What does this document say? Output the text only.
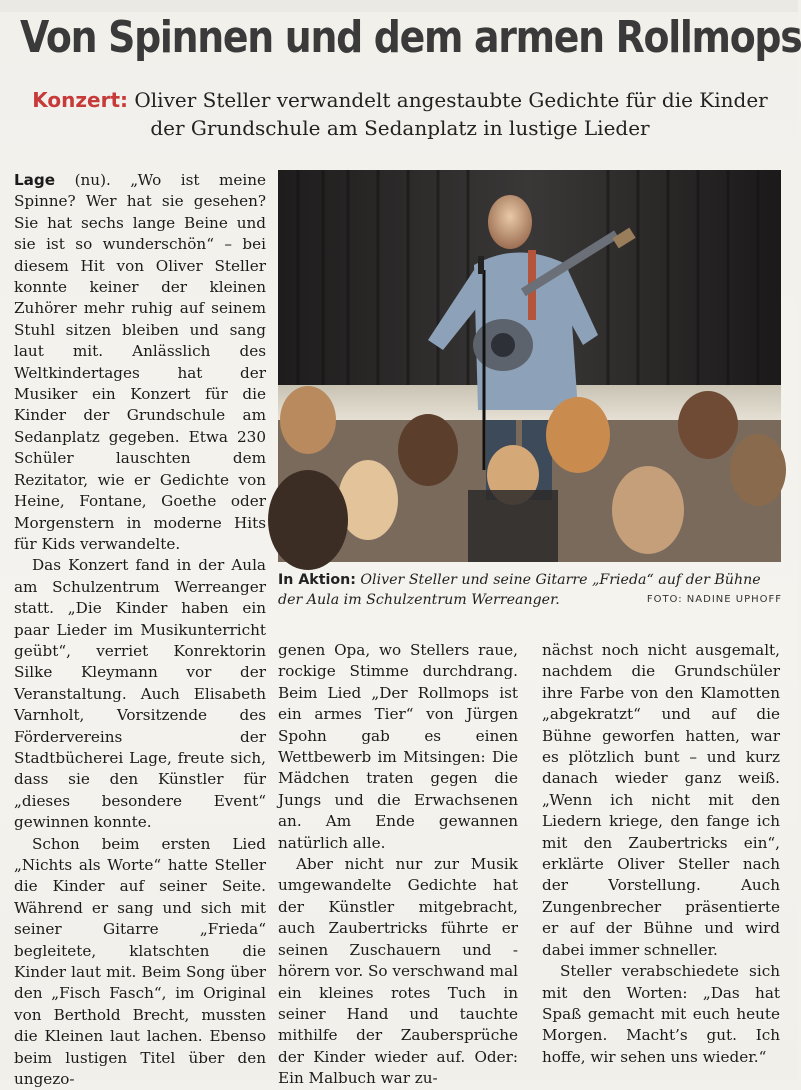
Von Spinnen und dem armen Rollmops
Konzert: Oliver Steller verwandelt angestaubte Gedichte für die Kinder
der Grundschule am Sedanplatz in lustige Lieder

Lage (nu). „Wo ist meine Spinne? Wer hat sie gesehen? Sie hat sechs lange Beine und sie ist so wunderschön“ – bei diesem Hit von Oliver Steller konnte keiner der kleinen Zuhörer mehr ruhig auf seinem Stuhl sitzen bleiben und sang laut mit. Anlässlich des Weltkindertages hat der Musiker ein Konzert für die Kinder der Grundschule am Sedanplatz gegeben. Etwa 230 Schüler lauschten dem Rezitator, wie er Gedichte von Heine, Fontane, Goethe oder Morgenstern in moderne Hits für Kids verwandelte.

Das Konzert fand in der Aula am Schulzentrum Werreanger statt. „Die Kinder haben ein paar Lieder im Musikunterricht geübt“, verriet Konrektorin Silke Kleymann vor der Veranstaltung. Auch Elisabeth Varnholt, Vorsitzende des Fördervereins der Stadtbücherei Lage, freute sich, dass sie den Künstler für „dieses besondere Event“ gewinnen konnte.

Schon beim ersten Lied „Nichts als Worte“ hatte Steller die Kinder auf seiner Seite. Während er sang und sich mit seiner Gitarre „Frieda“ begleitete, klatschten die Kinder laut mit. Beim Song über den „Fisch Fasch“, im Original von Berthold Brecht, mussten die Kleinen laut lachen. Ebenso beim lustigen Titel über den ungezo-

In Aktion: Oliver Steller und seine Gitarre „Frieda“ auf der Bühne der Aula im Schulzentrum Werreanger.	FOTO: NADINE UPHOFF

genen Opa, wo Stellers raue, rockige Stimme durchdrang. Beim Lied „Der Rollmops ist ein armes Tier“ von Jürgen Spohn gab es einen Wettbewerb im Mitsingen: Die Mädchen traten gegen die Jungs und die Erwachsenen an. Am Ende gewannen natürlich alle.

Aber nicht nur zur Musik umgewandelte Gedichte hat der Künstler mitgebracht, auch Zaubertricks führte er seinen Zuschauern und -hörern vor. So verschwand mal ein kleines rotes Tuch in seiner Hand und tauchte mithilfe der Zaubersprüche der Kinder wieder auf. Oder: Ein Malbuch war zu-

nächst noch nicht ausgemalt, nachdem die Grundschüler ihre Farbe von den Klamotten „abgekratzt“ und auf die Bühne geworfen hatten, war es plötzlich bunt – und kurz danach wieder ganz weiß. „Wenn ich nicht mit den Liedern kriege, den fange ich mit den Zaubertricks ein“, erklärte Oliver Steller nach der Vorstellung. Auch Zungenbrecher präsentierte er auf der Bühne und wird dabei immer schneller.

Steller verabschiedete sich mit den Worten: „Das hat Spaß gemacht mit euch heute Morgen. Macht’s gut. Ich hoffe, wir sehen uns wieder.“
